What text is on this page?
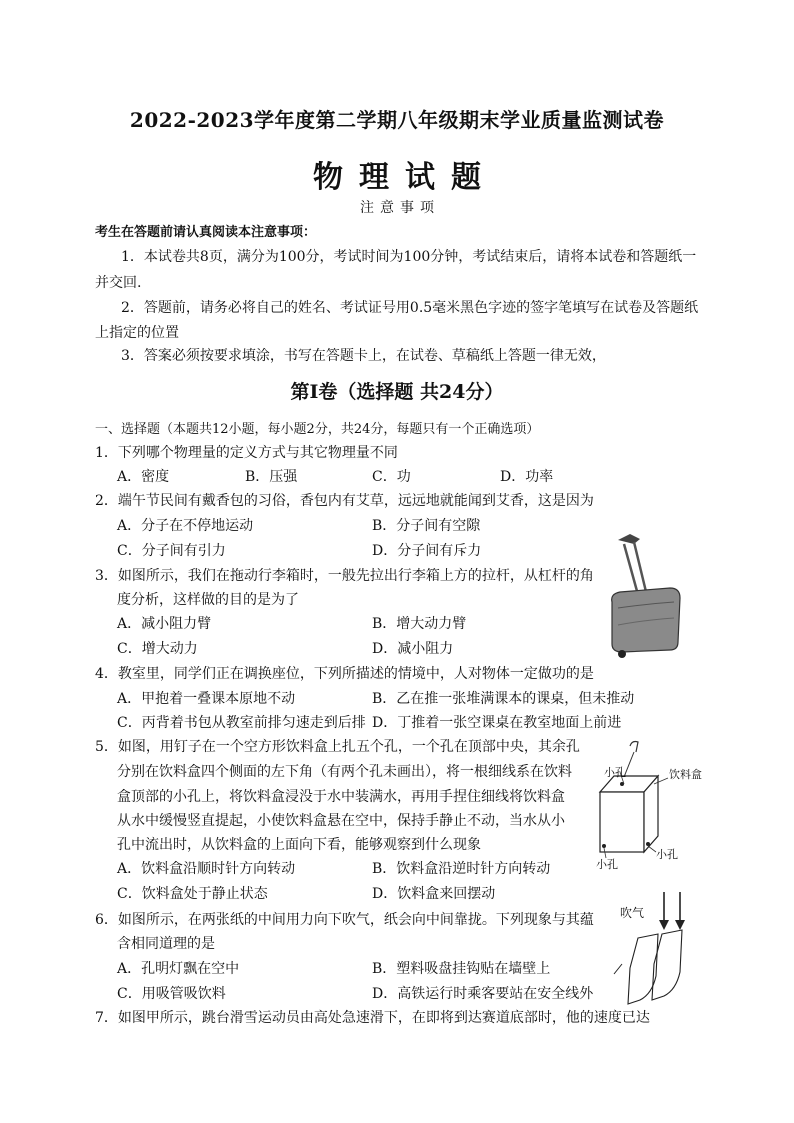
2022-2023学年度第二学期八年级期末学业质量监测试卷
物理试题
注意事项
考生在答题前请认真阅读本注意事项：
1．本试卷共8页，满分为100分，考试时间为100分钟，考试结束后，请将本试卷和答题纸一
并交回.
2．答题前，请务必将自己的姓名、考试证号用0.5毫米黑色字迹的签字笔填写在试卷及答题纸
上指定的位置
3．答案必须按要求填涂，书写在答题卡上，在试卷、草稿纸上答题一律无效，
第I卷（选择题 共24分）
一、选择题（本题共12小题，每小题2分，共24分，每题只有一个正确选项）
1．下列哪个物理量的定义方式与其它物理量不同
A．密度	B．压强	C．功	D．功率
2．端午节民间有戴香包的习俗，香包内有艾草，远远地就能闻到艾香，这是因为
A．分子在不停地运动	B．分子间有空隙
C．分子间有引力	D．分子间有斥力
3．如图所示，我们在拖动行李箱时，一般先拉出行李箱上方的拉杆，从杠杆的角
度分析，这样做的目的是为了
A．减小阻力臂	B．增大动力臂
C．增大动力	D．减小阻力
4．教室里，同学们正在调换座位，下列所描述的情境中，人对物体一定做功的是
A．甲抱着一叠课本原地不动	B．乙在推一张堆满课本的课桌，但未推动
C．丙背着书包从教室前排匀速走到后排 D．丁推着一张空课桌在教室地面上前进
5．如图，用钉子在一个空方形饮料盒上扎五个孔，一个孔在顶部中央，其余孔
分别在饮料盒四个侧面的左下角（有两个孔未画出），将一根细线系在饮料
盒顶部的小孔上，将饮料盒浸没于水中装满水，再用手捏住细线将饮料盒
从水中缓慢竖直提起，小使饮料盒悬在空中，保持手静止不动，当水从小
孔中流出时，从饮料盒的上面向下看，能够观察到什么现象
A．饮料盒沿顺时针方向转动	B．饮料盒沿逆时针方向转动
C．饮料盒处于静止状态	D．饮料盒来回摆动
小孔	饮料盒
小孔
小孔
6．如图所示，在两张纸的中间用力向下吹气，纸会向中间靠拢。下列现象与其蕴
含相同道理的是
A．孔明灯飘在空中	B．塑料吸盘挂钩贴在墙壁上
C．用吸管吸饮料	D．高铁运行时乘客要站在安全线外
吹气
7．如图甲所示，跳台滑雪运动员由高处急速滑下，在即将到达赛道底部时，他的速度已达
